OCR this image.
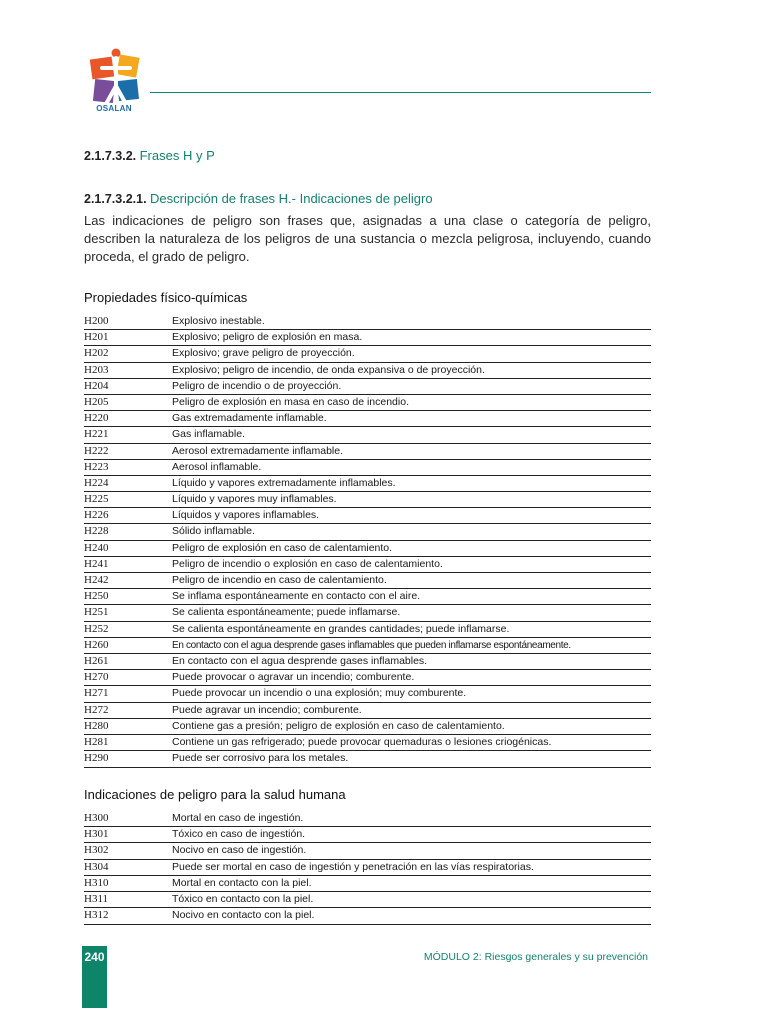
OSALAN
2.1.7.3.2. Frases H y P
2.1.7.3.2.1. Descripción de frases H.- Indicaciones de peligro

Las indicaciones de peligro son frases que, asignadas a una clase o categoría de peligro, describen la naturaleza de los peligros de una sustancia o mezcla peligrosa, incluyendo, cuando proceda, el grado de peligro.

Propiedades físico-químicas
H200	Explosivo inestable.
H201	Explosivo; peligro de explosión en masa.
H202	Explosivo; grave peligro de proyección.
H203	Explosivo; peligro de incendio, de onda expansiva o de proyección.
H204	Peligro de incendio o de proyección.
H205	Peligro de explosión en masa en caso de incendio.
H220	Gas extremadamente inflamable.
H221	Gas inflamable.
H222	Aerosol extremadamente inflamable.
H223	Aerosol inflamable.
H224	Líquido y vapores extremadamente inflamables.
H225	Líquido y vapores muy inflamables.
H226	Líquidos y vapores inflamables.
H228	Sólido inflamable.
H240	Peligro de explosión en caso de calentamiento.
H241	Peligro de incendio o explosión en caso de calentamiento.
H242	Peligro de incendio en caso de calentamiento.
H250	Se inflama espontáneamente en contacto con el aire.
H251	Se calienta espontáneamente; puede inflamarse.
H252	Se calienta espontáneamente en grandes cantidades; puede inflamarse.
H260	En contacto con el agua desprende gases inflamables que pueden inflamarse espontáneamente.
H261	En contacto con el agua desprende gases inflamables.
H270	Puede provocar o agravar un incendio; comburente.
H271	Puede provocar un incendio o una explosión; muy comburente.
H272	Puede agravar un incendio; comburente.
H280	Contiene gas a presión; peligro de explosión en caso de calentamiento.
H281	Contiene un gas refrigerado; puede provocar quemaduras o lesiones criogénicas.
H290	Puede ser corrosivo para los metales.
Indicaciones de peligro para la salud humana
H300	Mortal en caso de ingestión.
H301	Tóxico en caso de ingestión.
H302	Nocivo en caso de ingestión.
H304	Puede ser mortal en caso de ingestión y penetración en las vías respiratorias.
H310	Mortal en contacto con la piel.
H311	Tóxico en contacto con la piel.
H312	Nocivo en contacto con la piel.
240	MÓDULO 2: Riesgos generales y su prevención
